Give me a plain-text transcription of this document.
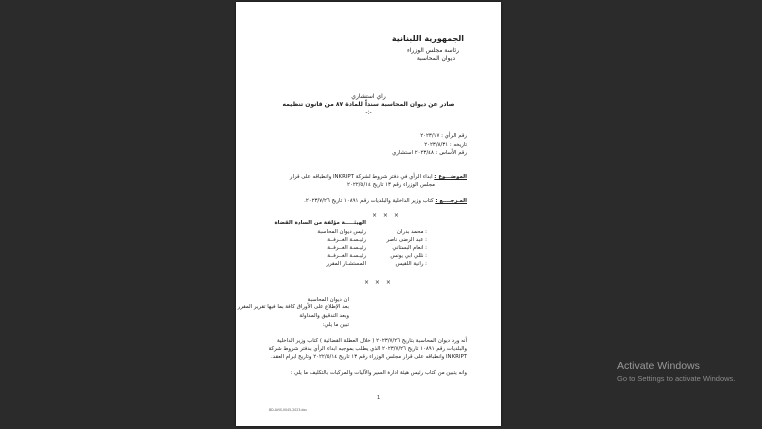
الجمهورية اللبنانية
رئاسة مجلس الوزراء
ديوان المحاسبة
راي استشاري
صادر عن ديوان المحاسبة سنداً للمادة ٨٧ من قانون تنظيمه
-:-
رقم الرأي : ٢٠٢٣/١٧
تاريخه : ٢٠٢٣/٨/٣١
رقم الأساس : ٢٠٢٣/٤٨ استشاري
الموضـــوع : ابداء الرأي في دفتر شروط لشركة INKRIPT وانطباقه على قرار
مجلس الوزراء رقم ١٣ تاريخ ٢٠٢٢/٥/١٤
المـرجــــع : كتاب وزير الداخلية والبلديات رقم ١٠٨٩١ تاريخ ٢٠٢٣/٧/٢٦.
× × ×
الهيئـــــة مؤلفة من السادة القضاة
رئيس ديوان المحاسبة	: محمد بدران
رئيـسـة الغــرفــة	: عبد الرضى ناصر
رئيـسـة الغــرفــة	: انعام البستاني
رئيـسـة الغــرفــة	: نللي ابي يونس
المستشـار المقرر	: رانية اللقيس
× × ×
ان ديوان المحاسبة
بعد الإطلاع على الأوراق كافة بما فيها تقرير المقرر
وبعد التدقيق والمداولة
تبين ما يلي:
أنه ورد ديوان المحاسبة بتاريخ ٢٠٢٣/٧/٢٦ ( خلال العطلة القضائية ) كتاب وزير الداخلية
والبلديات رقم ١٠٨٩١ تاريخ ٢٠٢٣/٧/٢٦ الذي يطلب بموجبه ابداء الرأي بدفتر شروط شركة
INKRIPT وانطباقه على قرار مجلس الوزراء رقم ١٣ تاريخ ٢٠٢٢/٥/١٤ وتاريخ ابرام العقد.
وانه يتبين من كتاب رئيس هيئة ادارة السير والآليات والمركبات بالتكليف ما يلي :
1
BD-AVIS-0045-2023.doc
Activate Windows
Go to Settings to activate Windows.
